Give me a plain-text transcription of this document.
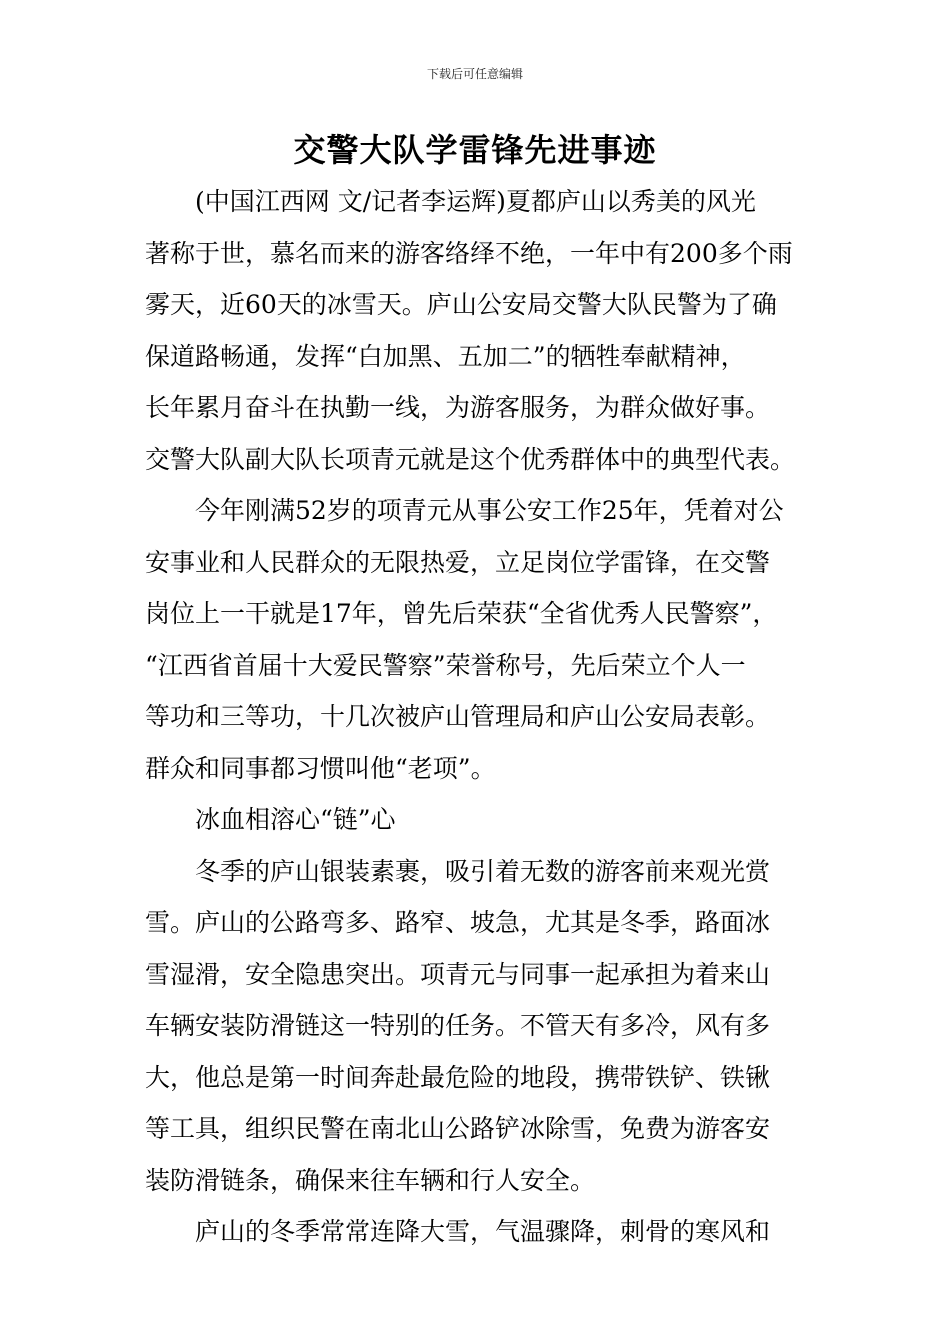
下载后可任意编辑
交警大队学雷锋先进事迹
(中国江西网 文/记者李运辉)夏都庐山以秀美的风光
著称于世，慕名而来的游客络绎不绝，一年中有200多个雨
雾天，近60天的冰雪天。庐山公安局交警大队民警为了确
保道路畅通，发挥“白加黑、五加二”的牺牲奉献精神，
长年累月奋斗在执勤一线，为游客服务，为群众做好事。
交警大队副大队长项青元就是这个优秀群体中的典型代表。
今年刚满52岁的项青元从事公安工作25年，凭着对公
安事业和人民群众的无限热爱，立足岗位学雷锋，在交警
岗位上一干就是17年，曾先后荣获“全省优秀人民警察”，
“江西省首届十大爱民警察”荣誉称号，先后荣立个人一
等功和三等功，十几次被庐山管理局和庐山公安局表彰。
群众和同事都习惯叫他“老项”。
冰血相溶心“链”心
冬季的庐山银装素裹，吸引着无数的游客前来观光赏
雪。庐山的公路弯多、路窄、坡急，尤其是冬季，路面冰
雪湿滑，安全隐患突出。项青元与同事一起承担为着来山
车辆安装防滑链这一特别的任务。不管天有多冷，风有多
大，他总是第一时间奔赴最危险的地段，携带铁铲、铁锹
等工具，组织民警在南北山公路铲冰除雪，免费为游客安
装防滑链条，确保来往车辆和行人安全。
庐山的冬季常常连降大雪，气温骤降，刺骨的寒风和
